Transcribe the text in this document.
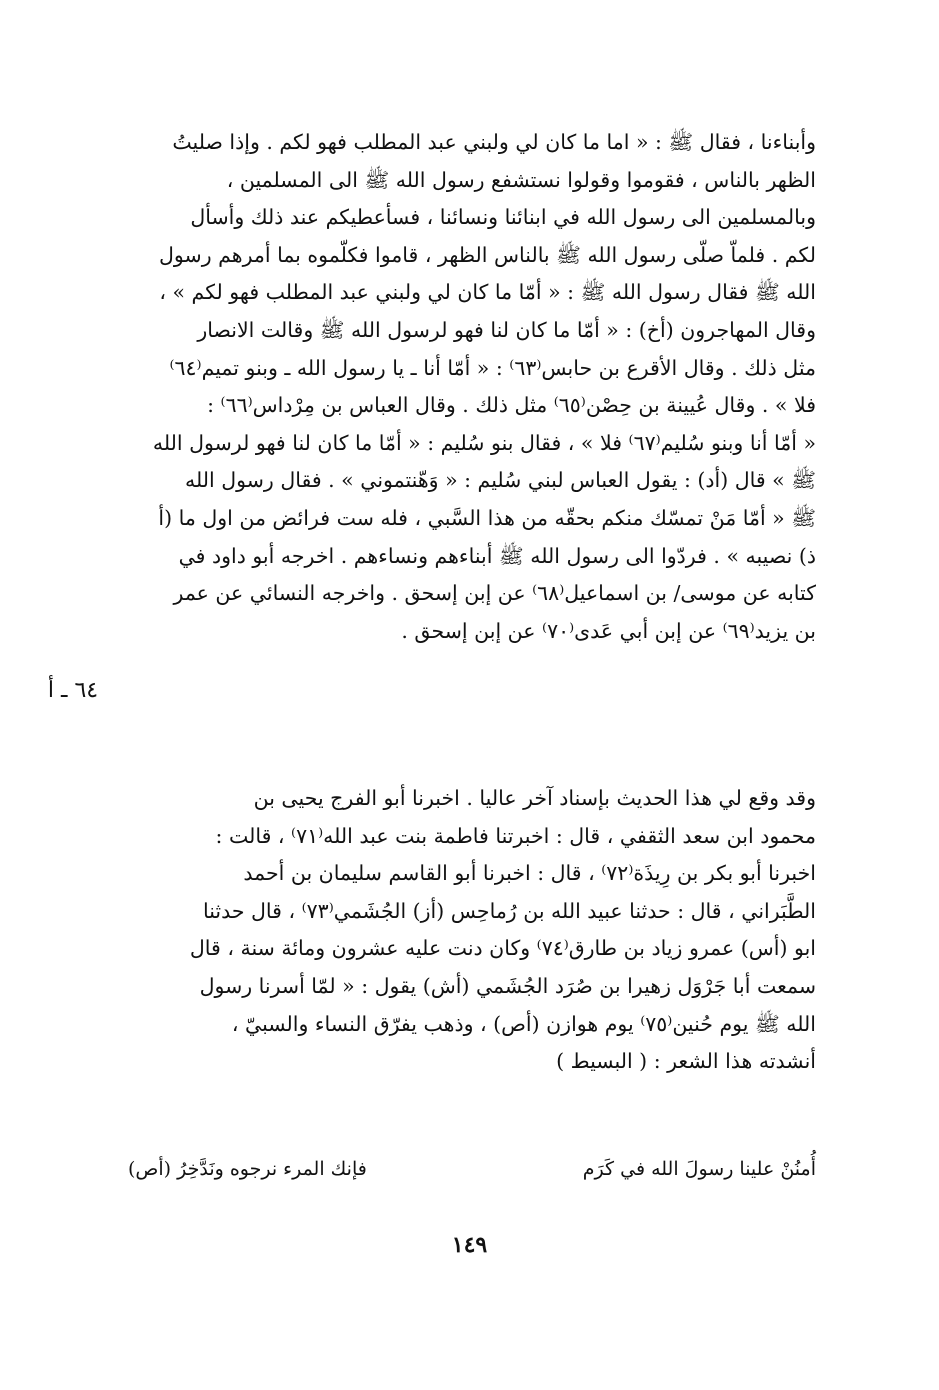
٦٤ ـ أ
وأبناءنا ، فقال ﷺ : « اما ما كان لي ولبني عبد المطلب فهو لكم . وإذا صليتُ
الظهر بالناس ، فقوموا وقولوا نستشفع رسول الله ﷺ الى المسلمين ،
وبالمسلمين الى رسول الله في ابنائنا ونسائنا ، فسأعطيكم عند ذلك وأسأل
لكم . فلماّ صلّى رسول الله ﷺ بالناس الظهر ، قاموا فكلّموه بما أمرهم رسول
الله ﷺ فقال رسول الله ﷺ : « أمّا ما كان لي ولبني عبد المطلب فهو لكم » ،
وقال المهاجرون (أخ) : « أمّا ما كان لنا فهو لرسول الله ﷺ وقالت الانصار
مثل ذلك . وقال الأقرع بن حابس⁽٦٣⁾ : « أمّا أنا ـ يا رسول الله ـ وبنو تميم⁽٦٤⁾
فلا » . وقال عُيينة بن حِصْن⁽٦٥⁾ مثل ذلك . وقال العباس بن مِرْداس⁽٦٦⁾ :
« أمّا أنا وبنو سُليم⁽٦٧⁾ فلا » ، فقال بنو سُليم : « أمّا ما كان لنا فهو لرسول الله
ﷺ » قال (أد) : يقول العباس لبني سُليم : « وَهّنتموني » . فقال رسول الله
ﷺ « أمّا مَنْ تمسّك منكم بحقّه من هذا السَّبي ، فله ست فرائض من اول ما (أ
ذ) نصيبه » . فردّوا الى رسول الله ﷺ أبناءهم ونساءهم . اخرجه أبو داود في
كتابه عن موسى/ بن اسماعيل⁽٦٨⁾ عن إبن إسحق . واخرجه النسائي عن عمر
بن يزيد⁽٦٩⁾ عن إبن أبي عَدى⁽٧٠⁾ عن إبن إسحق .
وقد وقع لي هذا الحديث بإسناد آخر عاليا . اخبرنا أبو الفرج يحيى بن
محمود ابن سعد الثقفي ، قال : اخبرتنا فاطمة بنت عبد الله⁽٧١⁾ ، قالت :
اخبرنا أبو بكر بن رِيذَة⁽٧٢⁾ ، قال : اخبرنا أبو القاسم سليمان بن أحمد
الطَّبَراني ، قال : حدثنا عبيد الله بن رُماحِس (أز) الجُشَمي⁽٧٣⁾ ، قال حدثنا
ابو (أس) عمرو زياد بن طارق⁽٧٤⁾ وكان دنت عليه عشرون ومائة سنة ، قال
سمعت أبا جَرْوَل زهيرا بن صُرَد الجُشَمي (أش) يقول : « لمّا أسرنا رسول
الله ﷺ يوم حُنين⁽٧٥⁾ يوم هوازن (أص) ، وذهب يفرّق النساء والسبيّ ،
أنشدته هذا الشعر : ( البسيط )
أُمنُنْ علينا رسولَ الله في كَرَم
فإنك المرء نرجوه ونَدَّخِرُ (أص)
١٤٩
